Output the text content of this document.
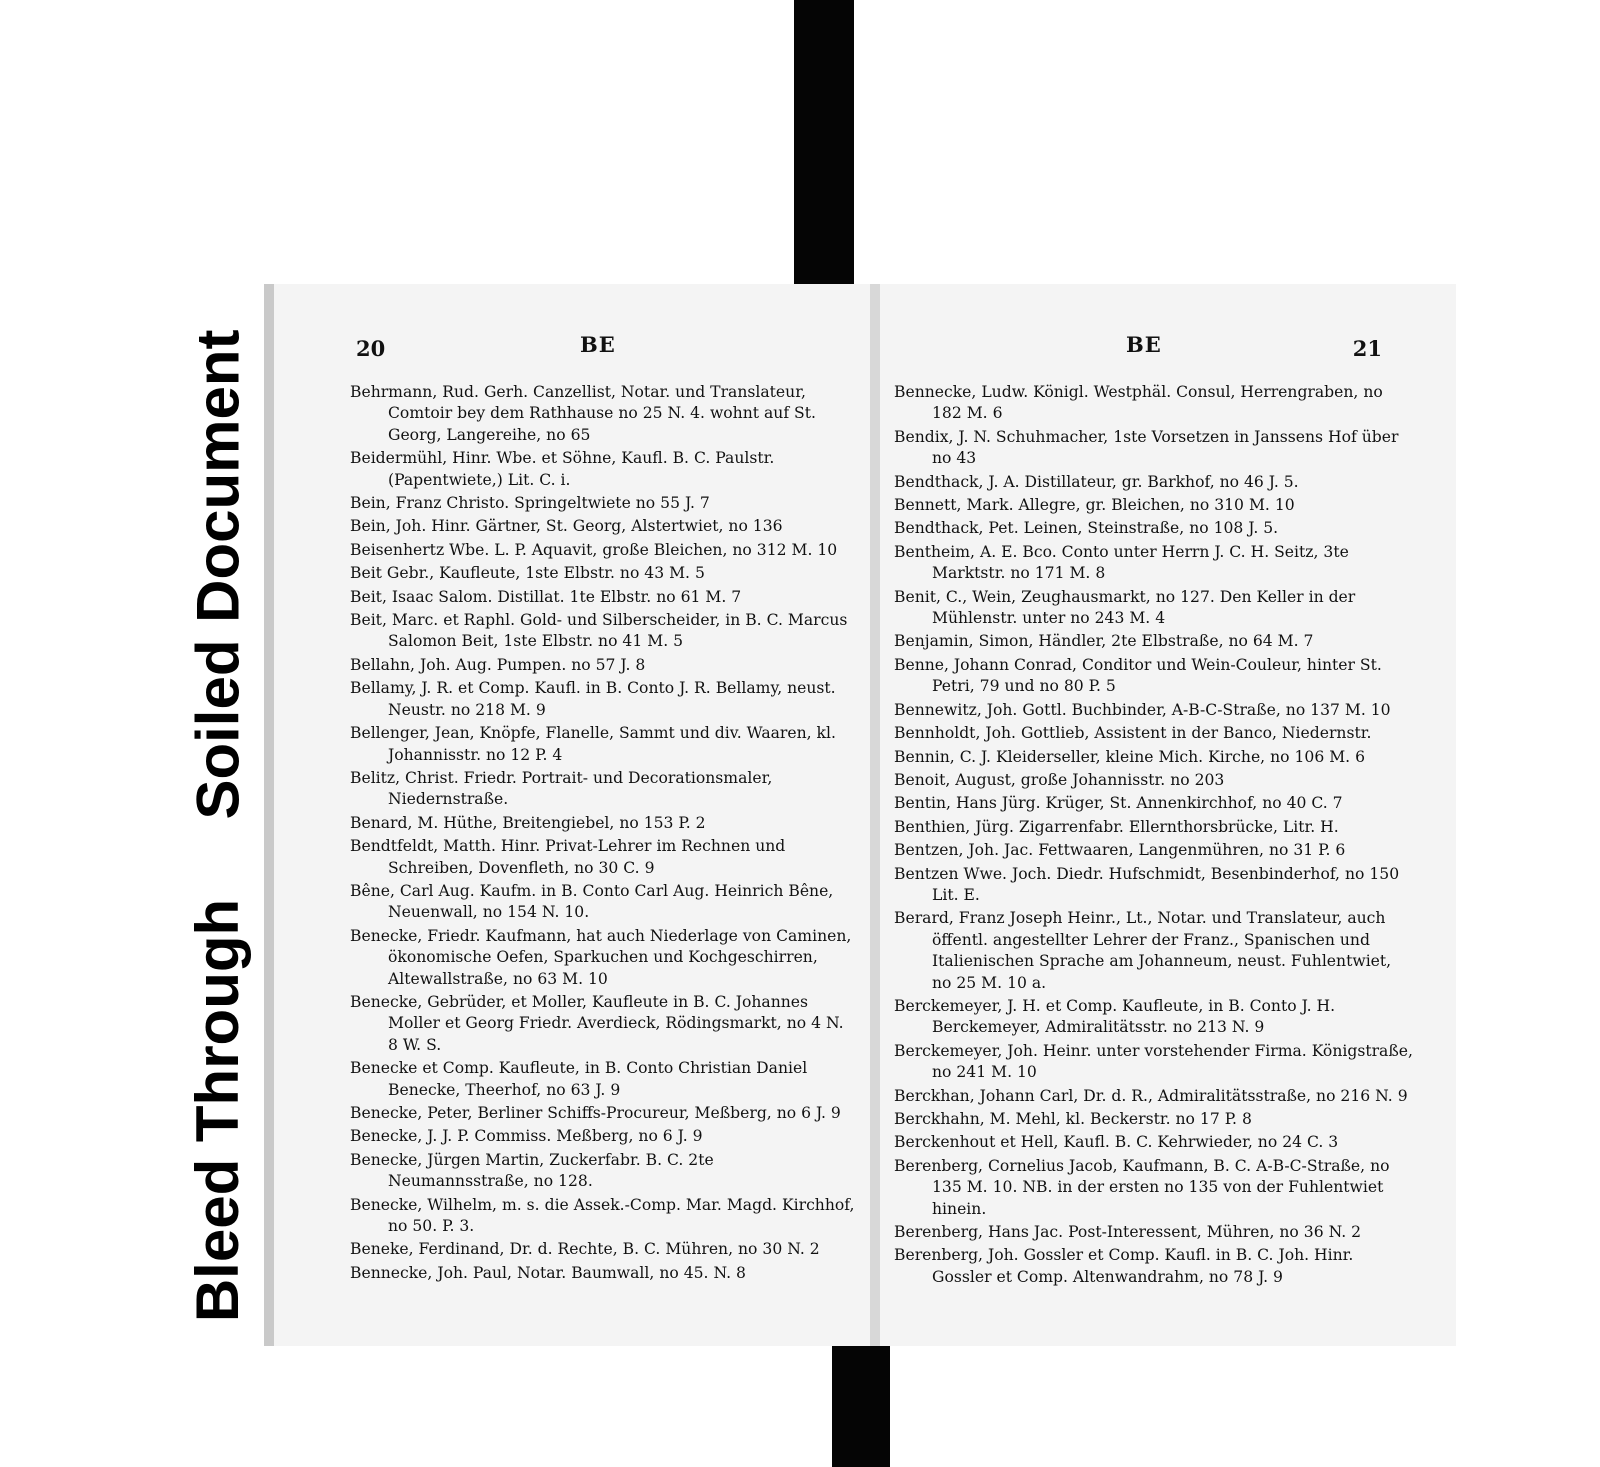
Soiled Document
Bleed Through
20	BE
Behrmann, Rud. Gerh. Canzellist, Notar. und Translateur, Comtoir bey dem Rathhause no 25 N. 4. wohnt auf St. Georg, Langereihe, no 65
Beidermühl, Hinr. Wbe. et Söhne, Kaufl. B. C. Paulstr. (Papentwiete,) Lit. C. i.
Bein, Franz Christo. Springeltwiete no 55 J. 7
Bein, Joh. Hinr. Gärtner, St. Georg, Alstertwiet, no 136
Beisenhertz Wbe. L. P. Aquavit, große Bleichen, no 312 M. 10
Beit Gebr., Kaufleute, 1ste Elbstr. no 43 M. 5
Beit, Isaac Salom. Distillat. 1te Elbstr. no 61 M. 7
Beit, Marc. et Raphl. Gold- und Silberscheider, in B. C. Marcus Salomon Beit, 1ste Elbstr. no 41 M. 5
Bellahn, Joh. Aug. Pumpen. no 57 J. 8
Bellamy, J. R. et Comp. Kaufl. in B. Conto J. R. Bellamy, neust. Neustr. no 218 M. 9
Bellenger, Jean, Knöpfe, Flanelle, Sammt und div. Waaren, kl. Johannisstr. no 12 P. 4
Belitz, Christ. Friedr. Portrait- und Decorationsmaler, Niedernstraße.
Benard, M. Hüthe, Breitengiebel, no 153 P. 2
Bendtfeldt, Matth. Hinr. Privat-Lehrer im Rechnen und Schreiben, Dovenfleth, no 30 C. 9
Bêne, Carl Aug. Kaufm. in B. Conto Carl Aug. Heinrich Bêne, Neuenwall, no 154 N. 10.
Benecke, Friedr. Kaufmann, hat auch Niederlage von Caminen, ökonomische Oefen, Sparkuchen und Kochgeschirren, Altewallstraße, no 63 M. 10
Benecke, Gebrüder, et Moller, Kaufleute in B. C. Johannes Moller et Georg Friedr. Averdieck, Rödingsmarkt, no 4 N. 8 W. S.
Benecke et Comp. Kaufleute, in B. Conto Christian Daniel Benecke, Theerhof, no 63 J. 9
Benecke, Peter, Berliner Schiffs-Procureur, Meßberg, no 6 J. 9
Benecke, J. J. P. Commiss. Meßberg, no 6 J. 9
Benecke, Jürgen Martin, Zuckerfabr. B. C. 2te Neumannsstraße, no 128.
Benecke, Wilhelm, m. s. die Assek.-Comp. Mar. Magd. Kirchhof, no 50. P. 3.
Beneke, Ferdinand, Dr. d. Rechte, B. C. Mühren, no 30 N. 2
Bennecke, Joh. Paul, Notar. Baumwall, no 45. N. 8
BE	21
Bennecke, Ludw. Königl. Westphäl. Consul, Herrengraben, no 182 M. 6
Bendix, J. N. Schuhmacher, 1ste Vorsetzen in Janssens Hof über no 43
Bendthack, J. A. Distillateur, gr. Barkhof, no 46 J. 5.
Bennett, Mark. Allegre, gr. Bleichen, no 310 M. 10
Bendthack, Pet. Leinen, Steinstraße, no 108 J. 5.
Bentheim, A. E. Bco. Conto unter Herrn J. C. H. Seitz, 3te Marktstr. no 171 M. 8
Benit, C., Wein, Zeughausmarkt, no 127. Den Keller in der Mühlenstr. unter no 243 M. 4
Benjamin, Simon, Händler, 2te Elbstraße, no 64 M. 7
Benne, Johann Conrad, Conditor und Wein-Couleur, hinter St. Petri, 79 und no 80 P. 5
Bennewitz, Joh. Gottl. Buchbinder, A-B-C-Straße, no 137 M. 10
Bennholdt, Joh. Gottlieb, Assistent in der Banco, Niedernstr.
Bennin, C. J. Kleiderseller, kleine Mich. Kirche, no 106 M. 6
Benoit, August, große Johannisstr. no 203
Bentin, Hans Jürg. Krüger, St. Annenkirchhof, no 40 C. 7
Benthien, Jürg. Zigarrenfabr. Ellernthorsbrücke, Litr. H.
Bentzen, Joh. Jac. Fettwaaren, Langenmühren, no 31 P. 6
Bentzen Wwe. Joch. Diedr. Hufschmidt, Besenbinderhof, no 150 Lit. E.
Berard, Franz Joseph Heinr., Lt., Notar. und Translateur, auch öffentl. angestellter Lehrer der Franz., Spanischen und Italienischen Sprache am Johanneum, neust. Fuhlentwiet, no 25 M. 10 a.
Berckemeyer, J. H. et Comp. Kaufleute, in B. Conto J. H. Berckemeyer, Admiralitätsstr. no 213 N. 9
Berckemeyer, Joh. Heinr. unter vorstehender Firma. Königstraße, no 241 M. 10
Berckhan, Johann Carl, Dr. d. R., Admiralitätsstraße, no 216 N. 9
Berckhahn, M. Mehl, kl. Beckerstr. no 17 P. 8
Berckenhout et Hell, Kaufl. B. C. Kehrwieder, no 24 C. 3
Berenberg, Cornelius Jacob, Kaufmann, B. C. A-B-C-Straße, no 135 M. 10. NB. in der ersten no 135 von der Fuhlentwiet hinein.
Berenberg, Hans Jac. Post-Interessent, Mühren, no 36 N. 2
Berenberg, Joh. Gossler et Comp. Kaufl. in B. C. Joh. Hinr. Gossler et Comp. Altenwandrahm, no 78 J. 9
